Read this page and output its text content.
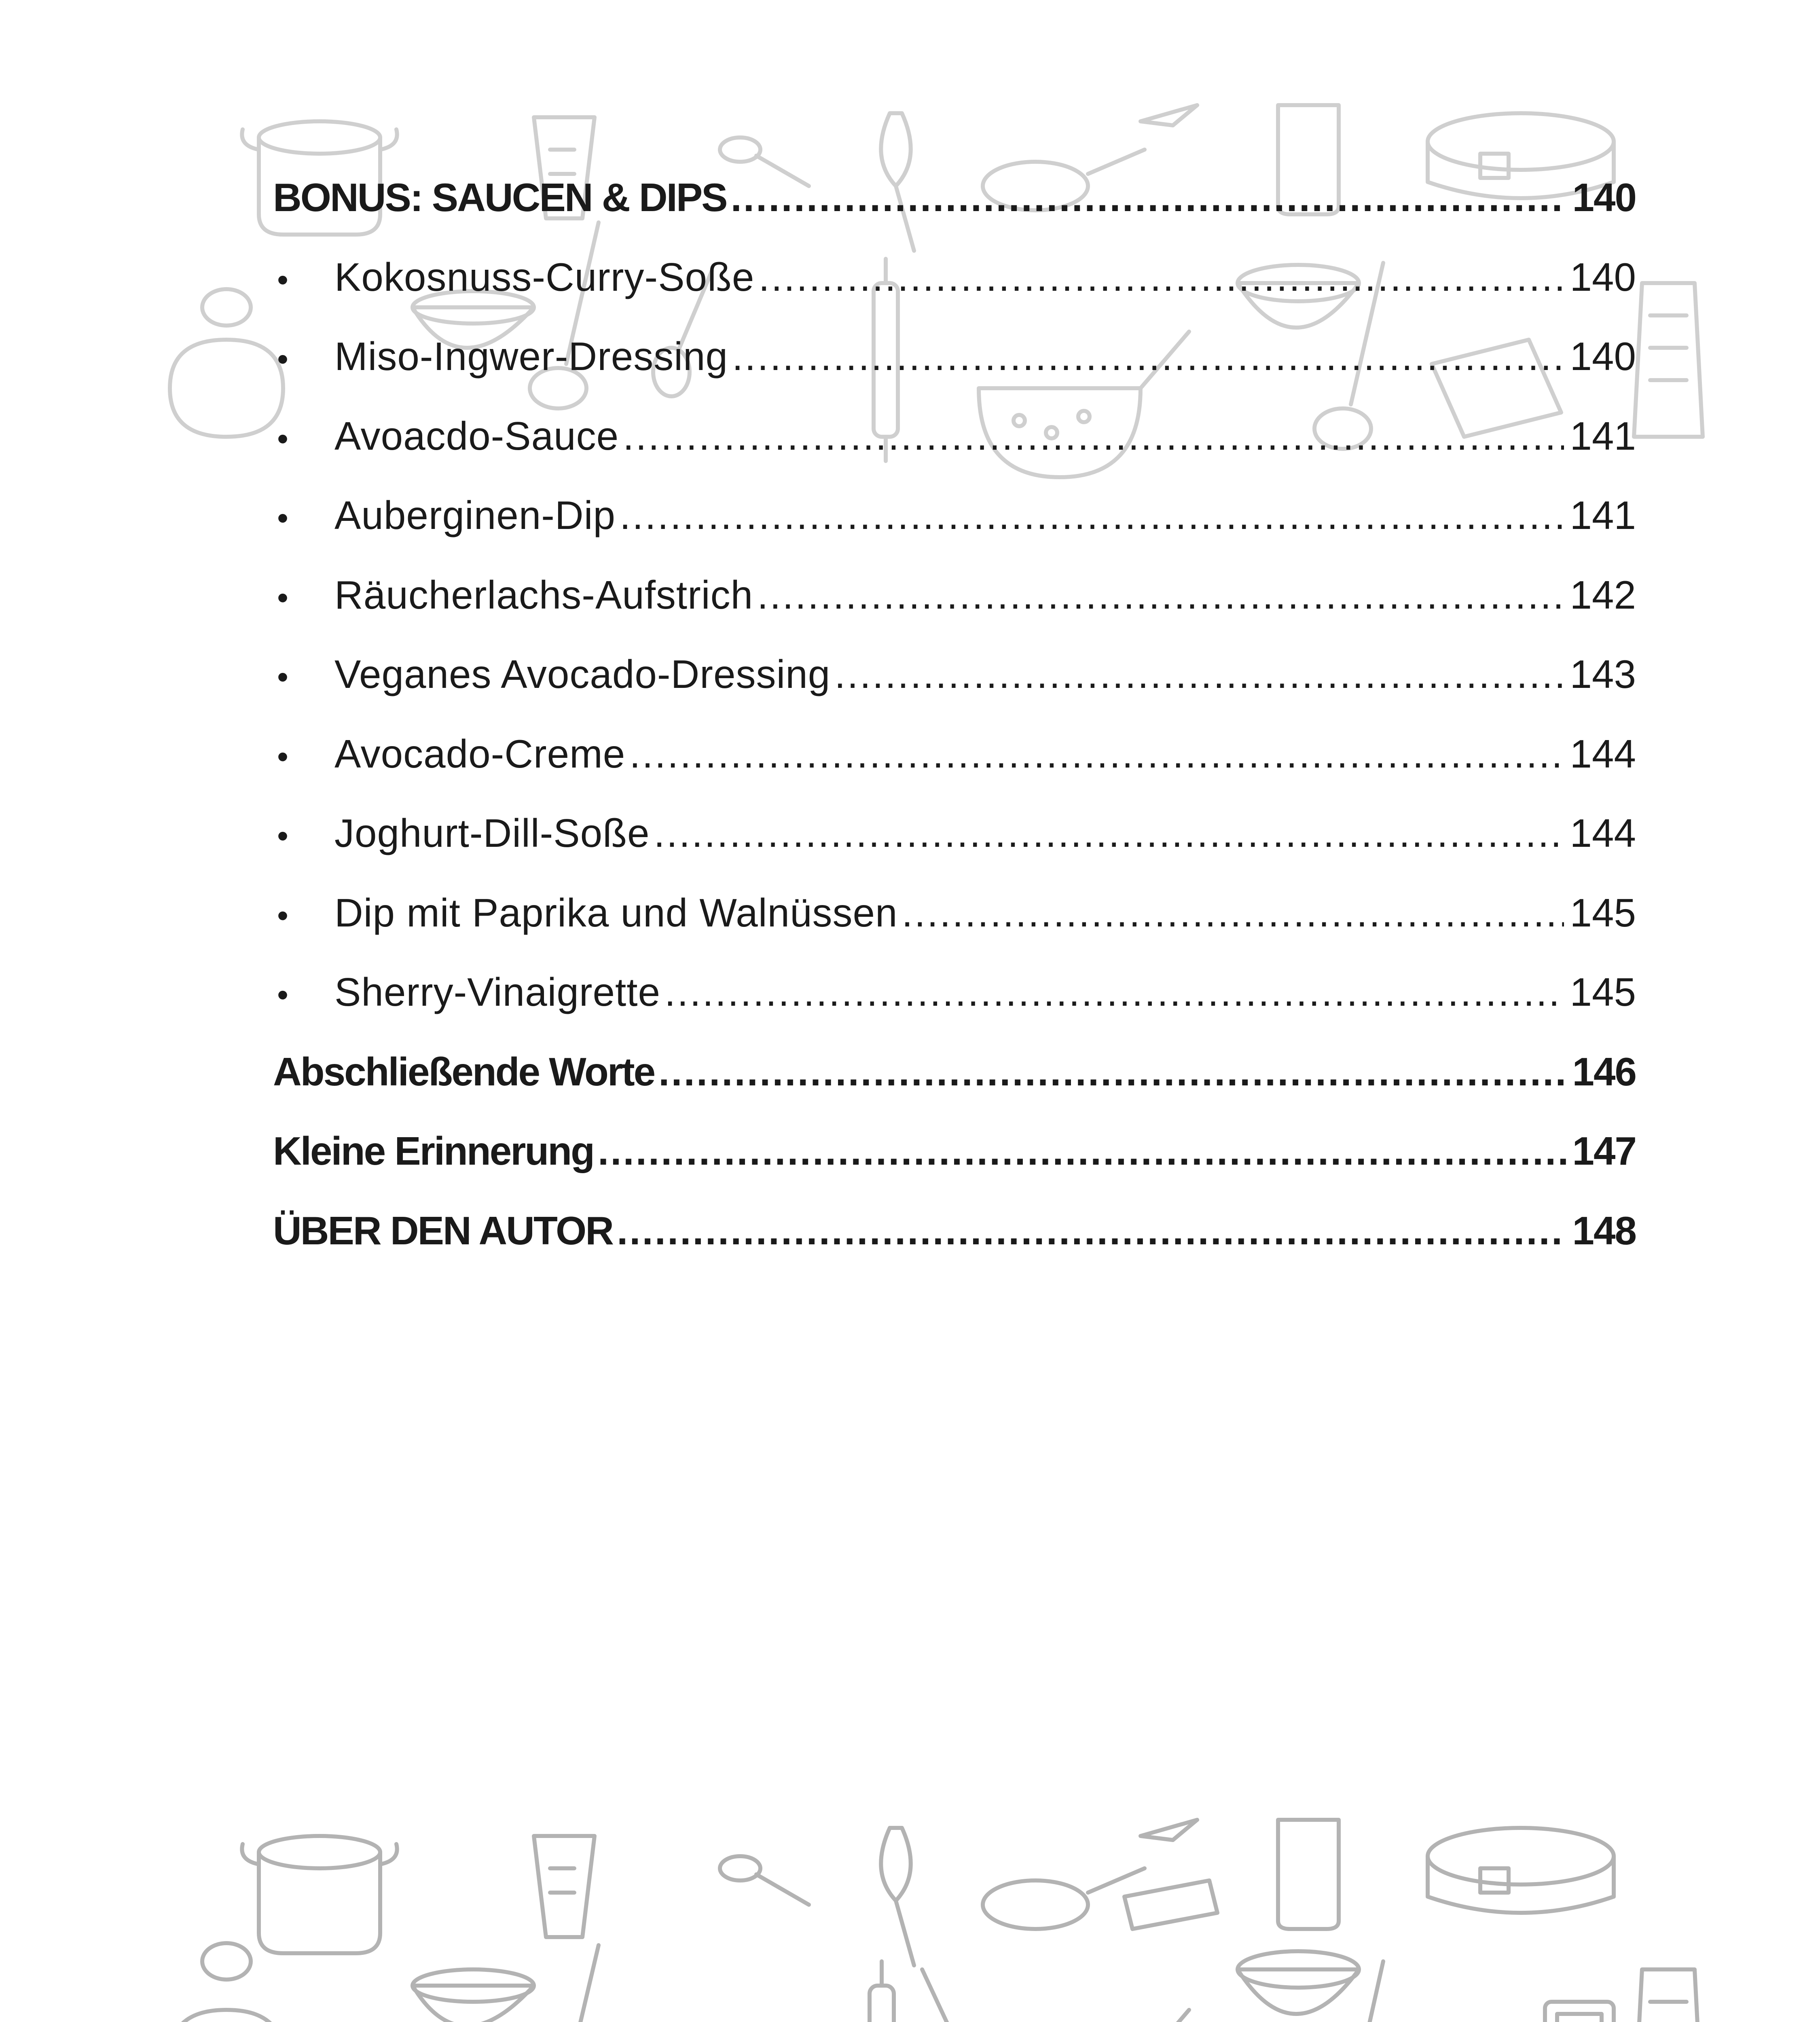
BONUS: SAUCEN & DIPS .....	140
•	Kokosnuss-Curry-Soße .....	140
•	Miso-Ingwer-Dressing .....	140
•	Avoacdo-Sauce .....	141
•	Auberginen-Dip .....	141
•	Räucherlachs-Aufstrich .....	142
•	Veganes Avocado-Dressing .....	143
•	Avocado-Creme .....	144
•	Joghurt-Dill-Soße .....	144
•	Dip mit Paprika und Walnüssen .....	145
•	Sherry-Vinaigrette .....	145
Abschließende Worte .....	146
Kleine Erinnerung .....	147
ÜBER DEN AUTOR .....	148
